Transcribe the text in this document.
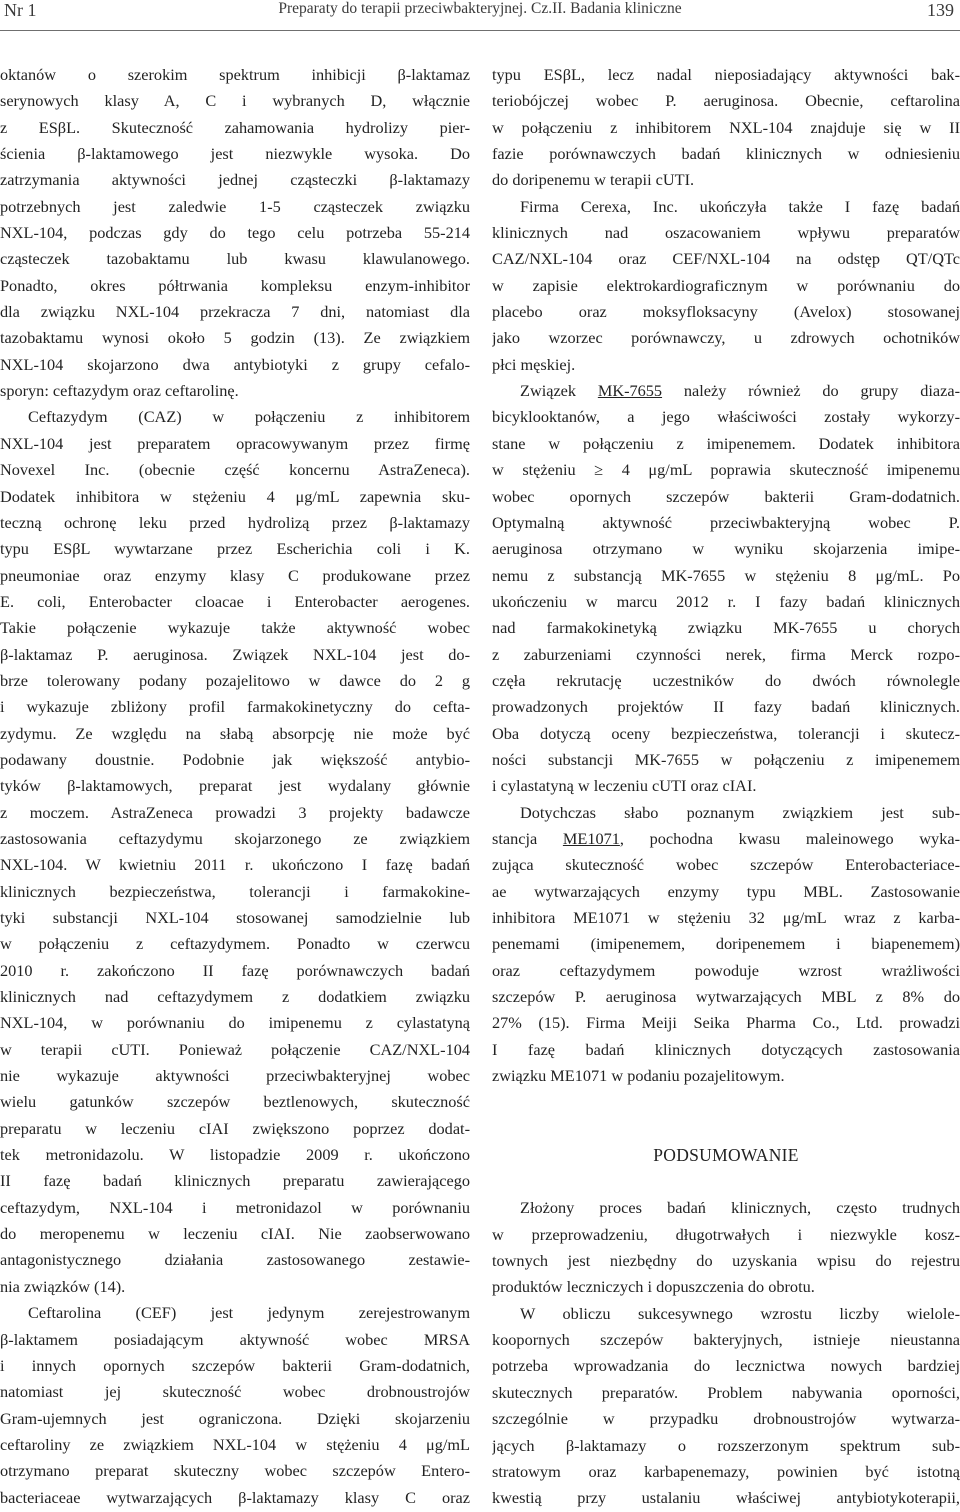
Nr 1	Preparaty do terapii przeciwbakteryjnej. Cz.II. Badania kliniczne	139

oktanów o szerokim spektrum inhibicji β-laktamaz
serynowych klasy A, C i wybranych D, włącznie
z ESβL. Skuteczność zahamowania hydrolizy pier-
ścienia β-laktamowego jest niezwykle wysoka. Do
zatrzymania aktywności jednej cząsteczki β-laktamazy
potrzebnych jest zaledwie 1-5 cząsteczek związku
NXL-104, podczas gdy do tego celu potrzeba 55-214
cząsteczek tazobaktamu lub kwasu klawulanowego.
Ponadto, okres półtrwania kompleksu enzym-inhibitor
dla związku NXL-104 przekracza 7 dni, natomiast dla
tazobaktamu wynosi około 5 godzin (13). Ze związkiem
NXL-104 skojarzono dwa antybiotyki z grupy cefalo-
sporyn: ceftazydym oraz ceftarolinę.

Ceftazydym (CAZ) w połączeniu z inhibitorem
NXL-104 jest preparatem opracowywanym przez firmę
Novexel Inc. (obecnie część koncernu AstraZeneca).
Dodatek inhibitora w stężeniu 4 μg/mL zapewnia sku-
teczną ochronę leku przed hydrolizą przez β-laktamazy
typu ESβL wywtarzane przez Escherichia coli i K.
pneumoniae oraz enzymy klasy C produkowane przez
E. coli, Enterobacter cloacae i Enterobacter aerogenes.
Takie połączenie wykazuje także aktywność wobec
β-laktamaz P. aeruginosa. Związek NXL-104 jest do-
brze tolerowany podany pozajelitowo w dawce do 2 g
i wykazuje zbliżony profil farmakokinetyczny do cefta-
zydymu. Ze względu na słabą absorpcję nie może być
podawany doustnie. Podobnie jak większość antybio-
tyków β-laktamowych, preparat jest wydalany głównie
z moczem. AstraZeneca prowadzi 3 projekty badawcze
zastosowania ceftazydymu skojarzonego ze związkiem
NXL-104. W kwietniu 2011 r. ukończono I fazę badań
klinicznych bezpieczeństwa, tolerancji i farmakokine-
tyki substancji NXL-104 stosowanej samodzielnie lub
w połączeniu z ceftazydymem. Ponadto w czerwcu
2010 r. zakończono II fazę porównawczych badań
klinicznych nad ceftazydymem z dodatkiem związku
NXL-104, w porównaniu do imipenemu z cylastatyną
w terapii cUTI. Ponieważ połączenie CAZ/NXL-104
nie wykazuje aktywności przeciwbakteryjnej wobec
wielu gatunków szczepów beztlenowych, skuteczność
preparatu w leczeniu cIAI zwiększono poprzez dodat-
tek metronidazolu. W listopadzie 2009 r. ukończono
II fazę badań klinicznych preparatu zawierającego
ceftazydym, NXL-104 i metronidazol w porównaniu
do meropenemu w leczeniu cIAI. Nie zaobserwowano
antagonistycznego działania zastosowanego zestawie-
nia związków (14).

Ceftarolina (CEF) jest jedynym zerejestrowanym
β-laktamem posiadającym aktywność wobec MRSA
i innych opornych szczepów bakterii Gram-dodatnich,
natomiast jej skuteczność wobec drobnoustrojów
Gram-ujemnych jest ograniczona. Dzięki skojarzeniu
ceftaroliny ze związkiem NXL-104 w stężeniu 4 μg/mL
otrzymano preparat skuteczny wobec szczepów Entero-
bacteriaceae wytwarzających β-laktamazy klasy C oraz

typu ESβL, lecz nadal nieposiadający aktywności bak-
teriobójczej wobec P. aeruginosa. Obecnie, ceftarolina
w połączeniu z inhibitorem NXL-104 znajduje się w II
fazie porównawczych badań klinicznych w odniesieniu
do doripenemu w terapii cUTI.

Firma Cerexa, Inc. ukończyła także I fazę badań
klinicznych nad oszacowaniem wpływu preparatów
CAZ/NXL-104 oraz CEF/NXL-104 na odstęp QT/QTc
w zapisie elektrokardiograficznym w porównaniu do
placebo oraz moksyfloksacyny (Avelox) stosowanej
jako wzorzec porównawczy, u zdrowych ochotników
płci męskiej.

Związek MK-7655 należy również do grupy diaza-
bicyklooktanów, a jego właściwości zostały wykorzy-
stane w połączeniu z imipenemem. Dodatek inhibitora
w stężeniu ≥ 4 μg/mL poprawia skuteczność imipenemu
wobec opornych szczepów bakterii Gram-dodatnich.
Optymalną aktywność przeciwbakteryjną wobec P.
aeruginosa otrzymano w wyniku skojarzenia imipe-
nemu z substancją MK-7655 w stężeniu 8 μg/mL. Po
ukończeniu w marcu 2012 r. I fazy badań klinicznych
nad farmakokinetyką związku MK-7655 u chorych
z zaburzeniami czynności nerek, firma Merck rozpo-
częła rekrutację uczestników do dwóch równolegle
prowadzonych projektów II fazy badań klinicznych.
Oba dotyczą oceny bezpieczeństwa, tolerancji i skutecz-
ności substancji MK-7655 w połączeniu z imipenemem
i cylastatyną w leczeniu cUTI oraz cIAI.

Dotychczas słabo poznanym związkiem jest sub-
stancja ME1071, pochodna kwasu maleinowego wyka-
zująca skuteczność wobec szczepów Enterobacteriace-
ae wytwarzających enzymy typu MBL. Zastosowanie
inhibitora ME1071 w stężeniu 32 μg/mL wraz z karba-
penemami (imipenemem, doripenemem i biapenemem)
oraz ceftazydymem powoduje wzrost wrażliwości
szczepów P. aeruginosa wytwarzających MBL z 8% do
27% (15). Firma Meiji Seika Pharma Co., Ltd. prowadzi
I fazę badań klinicznych dotyczących zastosowania
związku ME1071 w podaniu pozajelitowym.

PODSUMOWANIE

Złożony proces badań klinicznych, często trudnych
w przeprowadzeniu, długotrwałych i niezwykle kosz-
townych jest niezbędny do uzyskania wpisu do rejestru
produktów leczniczych i dopuszczenia do obrotu.

W obliczu sukcesywnego wzrostu liczby wielole-
koopornych szczepów bakteryjnych, istnieje nieustanna
potrzeba wprowadzania do lecznictwa nowych bardziej
skutecznych preparatów. Problem nabywania oporności,
szczególnie w przypadku drobnoustrojów wytwarza-
jących β-laktamazy o rozszerzonym spektrum sub-
stratowym oraz karbapenemazy, powinien być istotną
kwestią przy ustalaniu właściwej antybiotykoterapii,
